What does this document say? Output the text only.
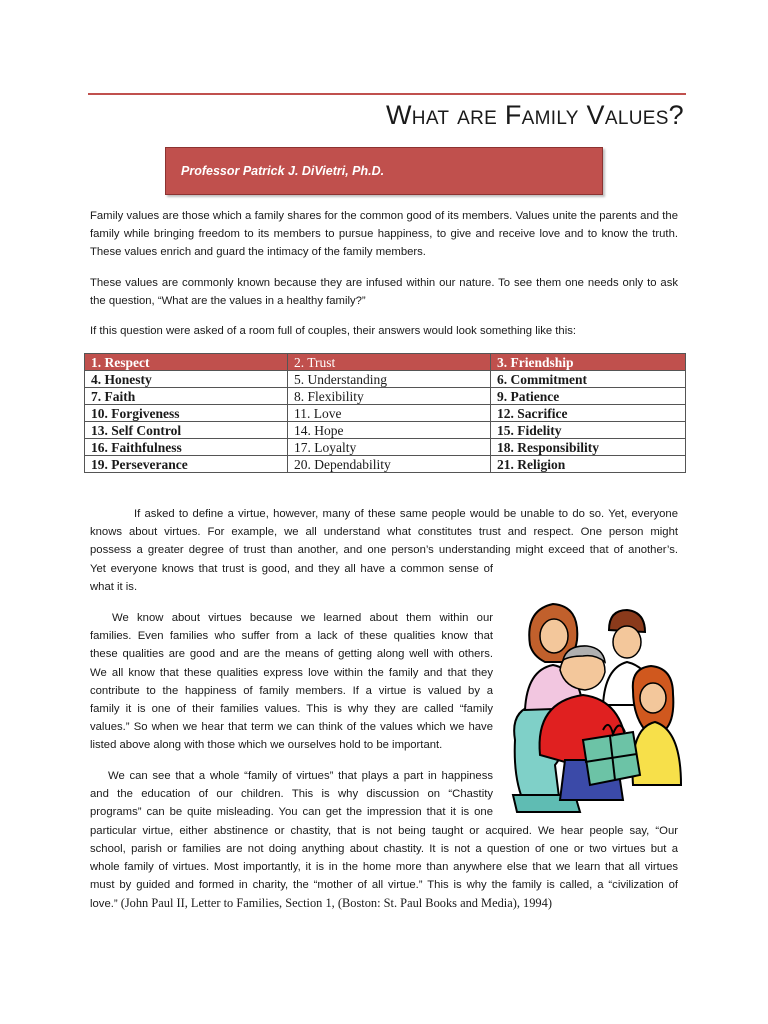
What are Family Values?
Professor Patrick J. DiVietri, Ph.D.

Family values are those which a family shares for the common good of its members. Values unite the parents and the family while bringing freedom to its members to pursue happiness, to give and receive love and to know the truth. These values enrich and guard the intimacy of the family members.

These values are commonly known because they are infused within our nature. To see them one needs only to ask the question, “What are the values in a healthy family?”

If this question were asked of a room full of couples, their answers would look something like this:

1. Respect	2. Trust	3. Friendship
4. Honesty	5. Understanding	6. Commitment
7. Faith	8. Flexibility	9. Patience
10. Forgiveness	11. Love	12. Sacrifice
13. Self Control	14. Hope	15. Fidelity
16. Faithfulness	17. Loyalty	18. Responsibility
19. Perseverance	20. Dependability	21. Religion
If asked to define a virtue, however, many of these same people would be unable to do so. Yet, everyone
knows about virtues. For example, we all understand what constitutes trust and respect. One person might
possess a greater degree of trust than another, and one person’s understanding might exceed that of another’s.
Yet everyone knows that trust is good, and they all have a common sense of
what it is.
We know about virtues because we learned about them within our
families. Even families who suffer from a lack of these qualities know that
these qualities are good and are the means of getting along well with others.
We all know that these qualities express love within the family and that they
contribute to the happiness of family members. If a virtue is valued by a
family it is one of their families values. This is why they are called “family
values.” So when we hear that term we can think of the values which we have
listed above along with those which we ourselves hold to be important.
We can see that a whole “family of virtues” that plays a part in happiness
and the education of our children. This is why discussion on “Chastity
programs” can be quite misleading. You can get the impression that it is one
particular virtue, either abstinence or chastity, that is not being taught or acquired. We hear people say, “Our
school, parish or families are not doing anything about chastity. It is not a question of one or two virtues but a
whole family of virtues. Most importantly, it is in the home more than anywhere else that we learn that all virtues
must by guided and formed in charity, the “mother of all virtue.” This is why the family is called, a “civilization of
love.” (John Paul II, Letter to Families, Section 1, (Boston: St. Paul Books and Media), 1994)
